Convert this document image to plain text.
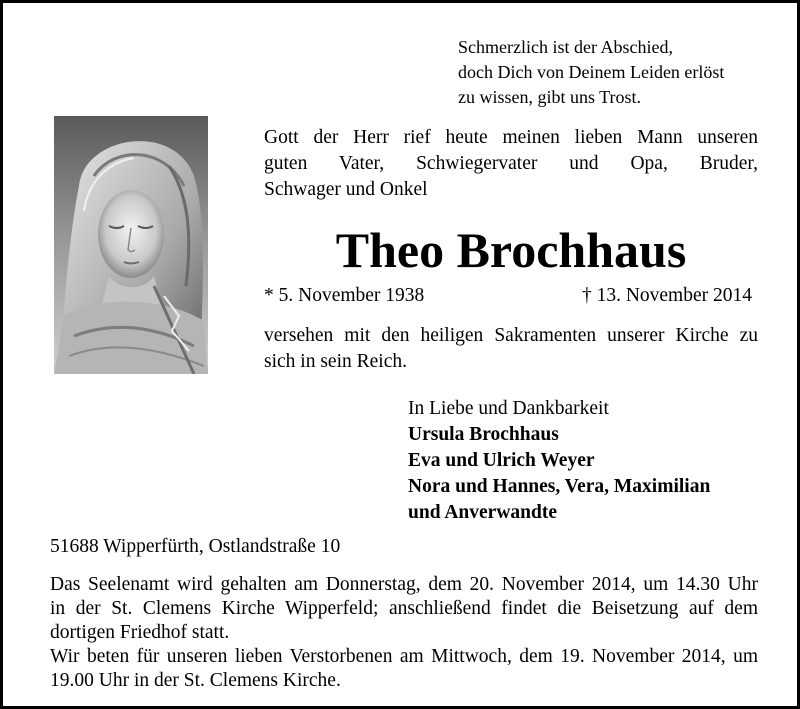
Schmerzlich ist der Abschied,
doch Dich von Deinem Leiden erlöst
zu wissen, gibt uns Trost.
Gott der Herr rief heute meinen lieben Mann unseren
guten Vater, Schwiegervater und Opa, Bruder,
Schwager und Onkel
Theo Brochhaus
* 5. November 1938	† 13. November 2014
versehen mit den heiligen Sakramenten unserer Kirche zu
sich in sein Reich.
In Liebe und Dankbarkeit
Ursula Brochhaus
Eva und Ulrich Weyer
Nora und Hannes, Vera, Maximilian
und Anverwandte
51688 Wipperfürth, Ostlandstraße 10
Das Seelenamt wird gehalten am Donnerstag, dem 20. November 2014, um 14.30 Uhr
in der St. Clemens Kirche Wipperfeld; anschließend findet die Beisetzung auf dem
dortigen Friedhof statt.
Wir beten für unseren lieben Verstorbenen am Mittwoch, dem 19. November 2014, um
19.00 Uhr in der St. Clemens Kirche.
